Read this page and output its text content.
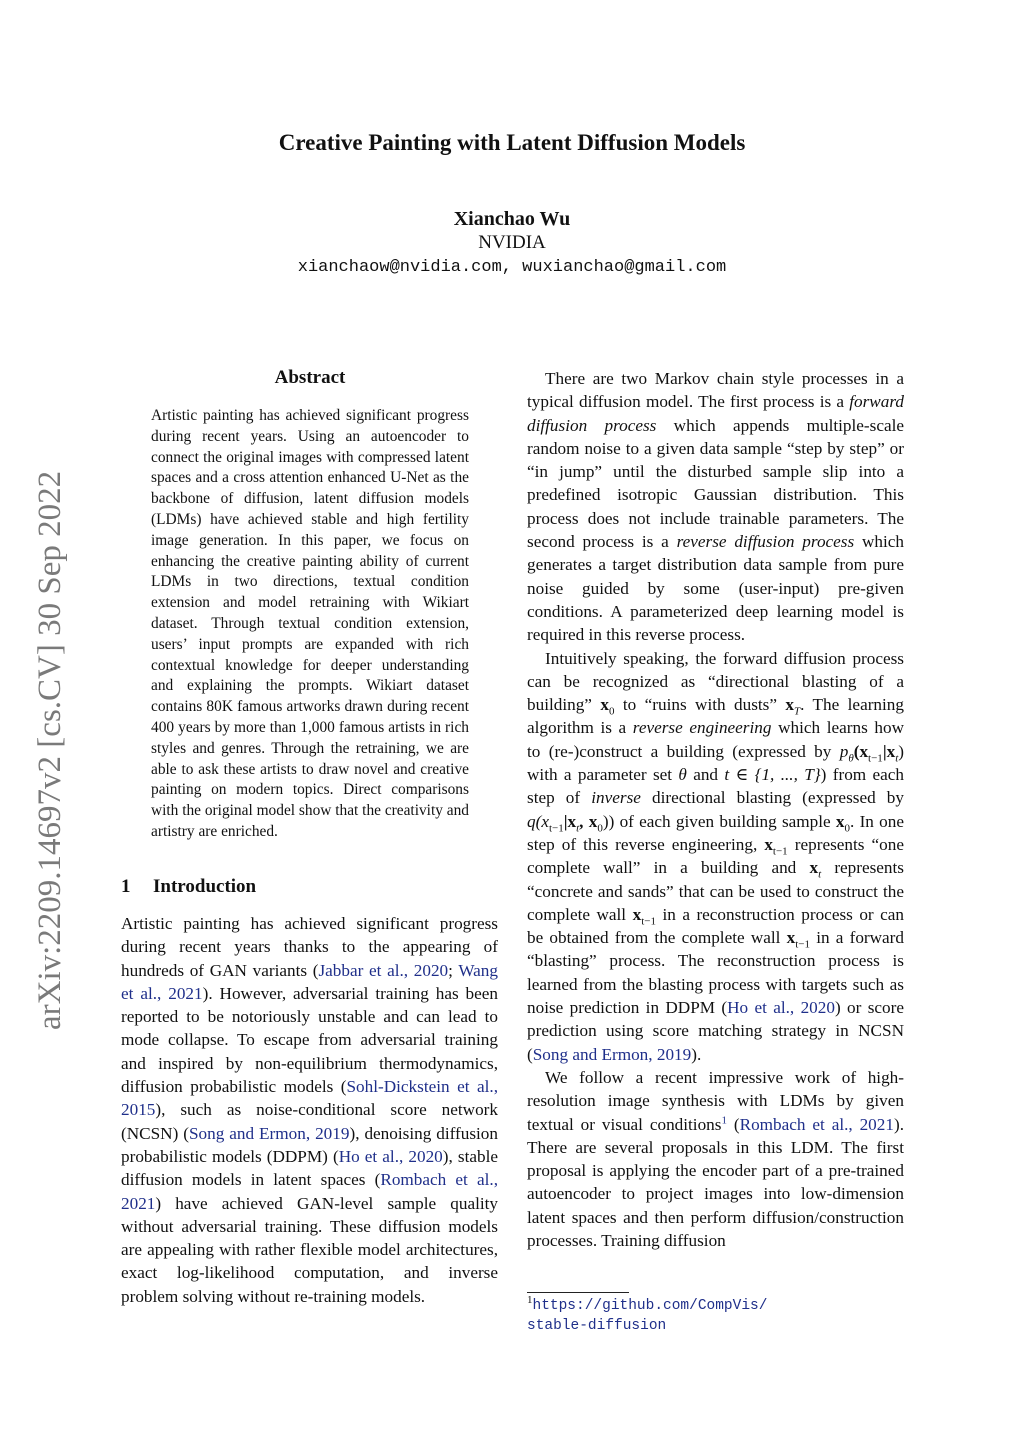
arXiv:2209.14697v2 [cs.CV] 30 Sep 2022
Creative Painting with Latent Diffusion Models
Xianchao Wu
NVIDIA
xianchaow@nvidia.com, wuxianchao@gmail.com
Abstract

Artistic painting has achieved significant progress during recent years. Using an autoencoder to connect the original images with compressed latent spaces and a cross attention enhanced U-Net as the backbone of diffusion, latent diffusion models (LDMs) have achieved stable and high fertility image generation. In this paper, we focus on enhancing the creative painting ability of current LDMs in two directions, textual condition extension and model retraining with Wikiart dataset. Through textual condition extension, users’ input prompts are expanded with rich contextual knowledge for deeper understanding and explaining the prompts. Wikiart dataset contains 80K famous artworks drawn during recent 400 years by more than 1,000 famous artists in rich styles and genres. Through the retraining, we are able to ask these artists to draw novel and creative painting on modern topics. Direct comparisons with the original model show that the creativity and artistry are enriched.

1 Introduction

Artistic painting has achieved significant progress during recent years thanks to the appearing of hundreds of GAN variants (Jabbar et al., 2020; Wang et al., 2021). However, adversarial training has been reported to be notoriously unstable and can lead to mode collapse. To escape from adversarial training and inspired by non-equilibrium thermodynamics, diffusion probabilistic models (Sohl-Dickstein et al., 2015), such as noise-conditional score network (NCSN) (Song and Ermon, 2019), denoising diffusion probabilistic models (DDPM) (Ho et al., 2020), stable diffusion models in latent spaces (Rombach et al., 2021) have achieved GAN-level sample quality without adversarial training. These diffusion models are appealing with rather flexible model architectures, exact log-likelihood computation, and inverse problem solving without re-training models.

There are two Markov chain style processes in a typical diffusion model. The first process is a forward diffusion process which appends multiple-scale random noise to a given data sample “step by step” or “in jump” until the disturbed sample slip into a predefined isotropic Gaussian distribution. This process does not include trainable parameters. The second process is a reverse diffusion process which generates a target distribution data sample from pure noise guided by some (user-input) pre-given conditions. A parameterized deep learning model is required in this reverse process.

Intuitively speaking, the forward diffusion process can be recognized as “directional blasting of a building” $x_0$ to “ruins with dusts” $x_T$. The learning algorithm is a reverse engineering which learns how to (re-)construct a building (expressed by $p_\theta(x_{t-1}|x_t)$ with a parameter set θ and t ∈ {1, ..., T}) from each step of inverse directional blasting (expressed by $q(x_{t-1}|x_t$, $x_0$)) of each given building sample $x_0$. In one step of this reverse engineering, $x_{t-1}$ represents “one complete wall” in a building and $x_t$ represents “concrete and sands” that can be used to construct the complete wall $x_{t-1}$ in a reconstruction process or can be obtained from the complete wall $x_{t-1}$ in a forward “blasting” process. The reconstruction process is learned from the blasting process with targets such as noise prediction in DDPM (Ho et al., 2020) or score prediction using score matching strategy in NCSN (Song and Ermon, 2019).

We follow a recent impressive work of high-resolution image synthesis with LDMs by given textual or visual conditions$^1$ (Rombach et al., 2021). There are several proposals in this LDM. The first proposal is applying the encoder part of a pre-trained autoencoder to project images into low-dimension latent spaces and then perform diffusion/construction processes. Training diffusion

$^1$https://github.com/CompVis/
stable-diffusion
